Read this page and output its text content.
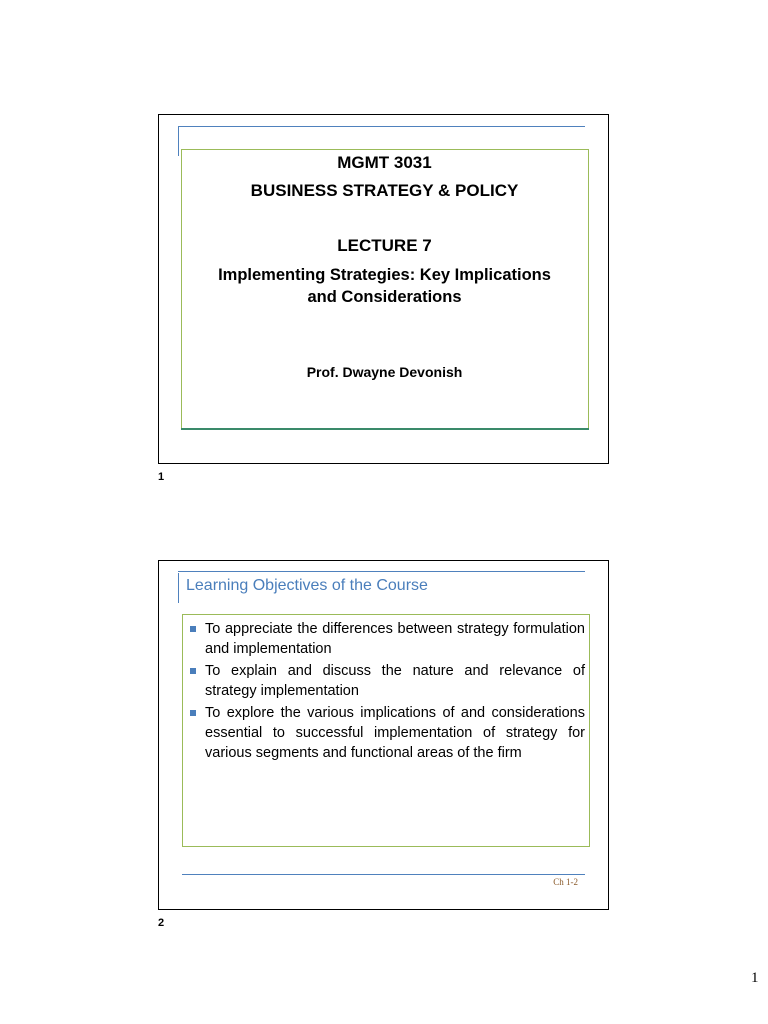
MGMT 3031
BUSINESS STRATEGY & POLICY
LECTURE 7
Implementing Strategies: Key Implications
and Considerations
Prof. Dwayne Devonish
1
Learning Objectives of the Course
To appreciate the differences between strategy formulation and implementation
To explain and discuss the nature and relevance of strategy implementation
To explore the various implications of and considerations essential to successful implementation of strategy for various segments and functional areas of the firm
Ch 1-2
2
1
